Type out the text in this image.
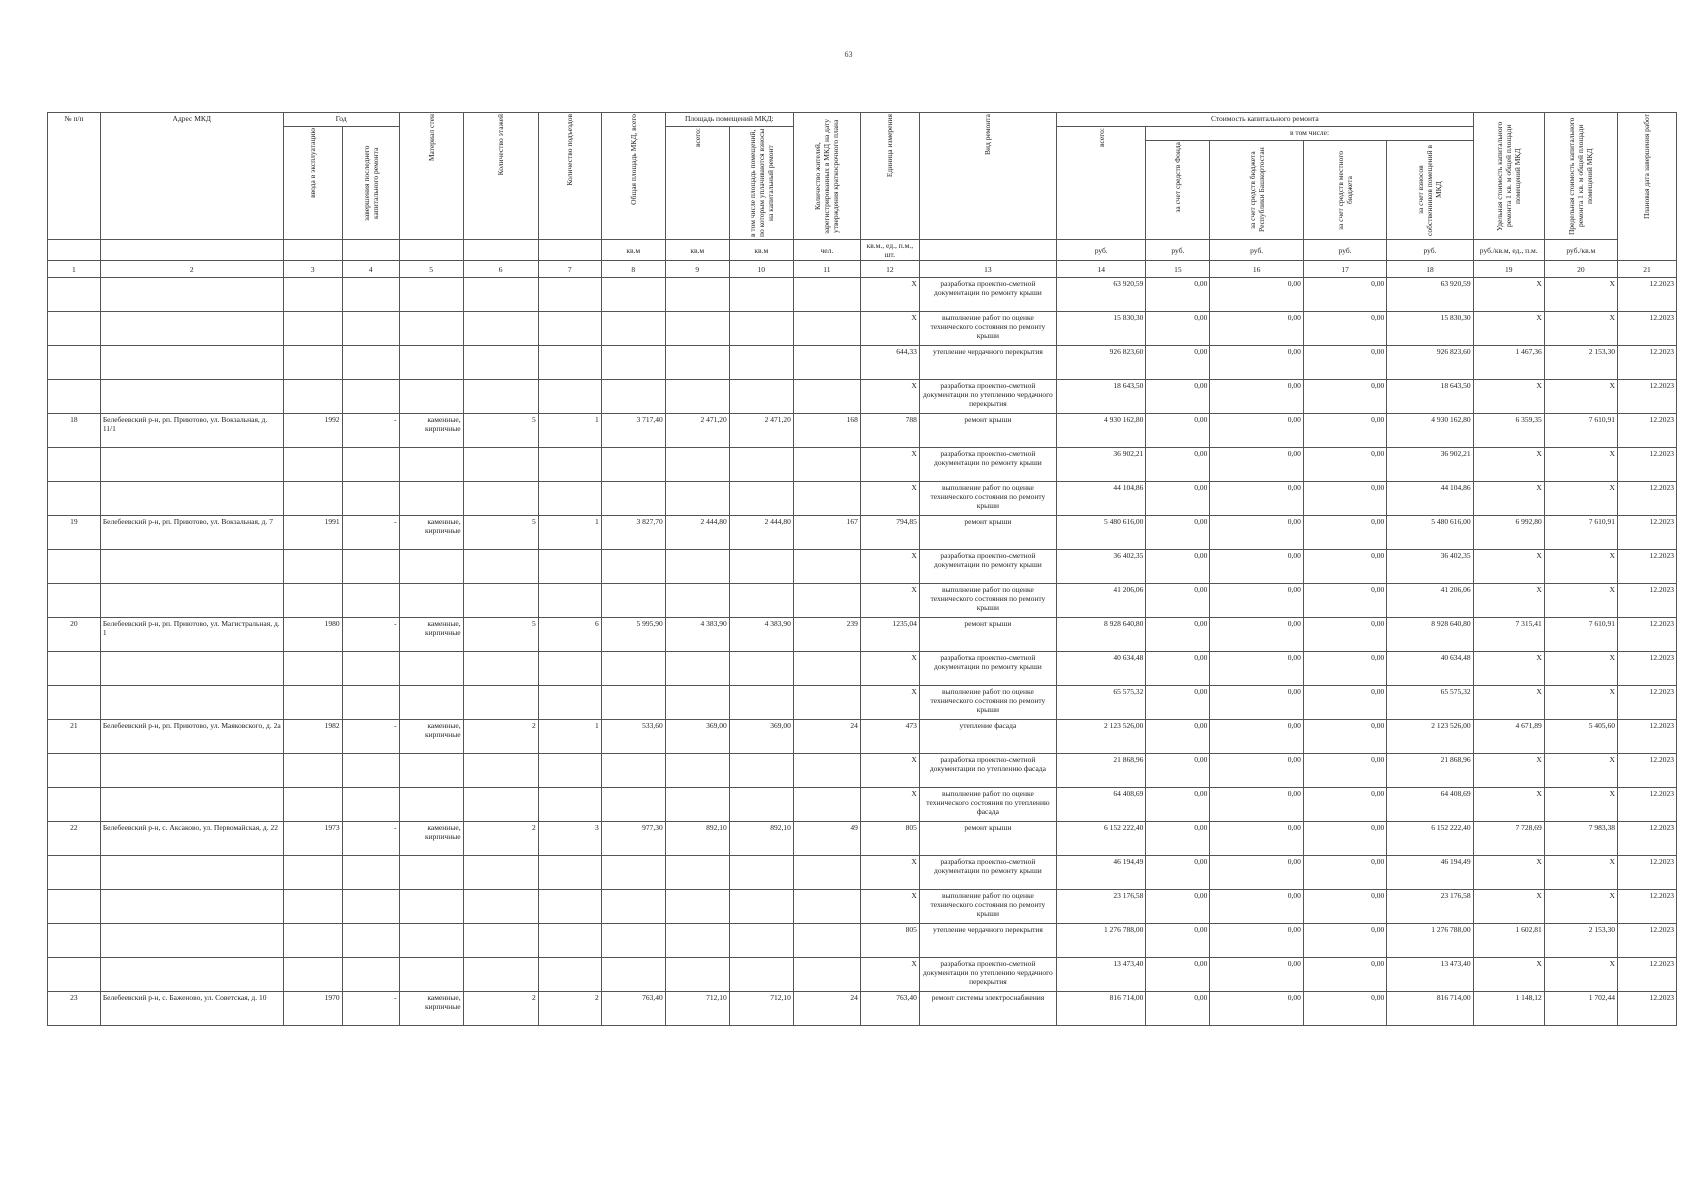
63
№ п/п	Адрес МКД	Год		Материал стен	Количество этажей	Количество подъездов	Общая площадь МКД, всего	Площадь помещений МКД:		Количество жителей, зарегистрированных в МКД на дату утверждения краткосрочного плана	Единица измерения	Вид ремонта	Стоимость капитального ремонта					Удельная стоимость капитального ремонта 1 кв. м общей площади помещений МКД	Предельная стоимость капитального ремонта 1 кв. м общей площади помещений МКД	Плановая дата завершения работ

		ввода в эксплуатацию	завершения последнего капитального ремонта					всего:	в том числе площадь помещений, по которым уплачиваются взносы на капитальный ремонт				всего:	в том числе:						

														за счет средств Фонда	за счет средств бюджета Республики Башкортостан	за счет средств местного бюджета	за счет взносов собственников помещений в МКД			

							кв.м	кв.м	кв.м	чел.	кв.м., ед., п.м., шт.		руб.	руб.	руб.	руб.	руб.	руб./кв.м, ед., п.м.	руб./кв.м	
1	2	3	4	5	6	7	8	9	10	11	12	13	14	15	16	17	18	19	20	21
											X	разработка проектно-сметной документации по ремонту крыши	63 920,59	0,00	0,00	0,00	63 920,59	X	X	12.2023
											X	выполнение работ по оценке технического состояния по ремонту крыши	15 830,30	0,00	0,00	0,00	15 830,30	X	X	12.2023
											644,33	утепление чердачного перекрытия	926 823,60	0,00	0,00	0,00	926 823,60	1 467,36	2 153,30	12.2023
											X	разработка проектно-сметной документации по утеплению чердачного перекрытия	18 643,50	0,00	0,00	0,00	18 643,50	X	X	12.2023
18	Белебеевский р-н, рп. Приютово, ул. Вокзальная, д. 11/1	1992	-	каменные, кирпичные	5	1	3 717,40	2 471,20	2 471,20	168	788	ремонт крыши	4 930 162,80	0,00	0,00	0,00	4 930 162,80	6 359,35	7 610,91	12.2023
											X	разработка проектно-сметной документации по ремонту крыши	36 902,21	0,00	0,00	0,00	36 902,21	X	X	12.2023
											X	выполнение работ по оценке технического состояния по ремонту крыши	44 104,86	0,00	0,00	0,00	44 104,86	X	X	12.2023
19	Белебеевский р-н, рп. Приютово, ул. Вокзальная, д. 7	1991	-	каменные, кирпичные	5	1	3 827,70	2 444,80	2 444,80	167	794,85	ремонт крыши	5 480 616,00	0,00	0,00	0,00	5 480 616,00	6 992,80	7 610,91	12.2023
											X	разработка проектно-сметной документации по ремонту крыши	36 402,35	0,00	0,00	0,00	36 402,35	X	X	12.2023
											X	выполнение работ по оценке технического состояния по ремонту крыши	41 206,06	0,00	0,00	0,00	41 206,06	X	X	12.2023
20	Белебеевский р-н, рп. Приютово, ул. Магистральная, д. 1	1980	-	каменные, кирпичные	5	6	5 995,90	4 383,90	4 383,90	239	1235,04	ремонт крыши	8 928 640,80	0,00	0,00	0,00	8 928 640,80	7 315,41	7 610,91	12.2023
											X	разработка проектно-сметной документации по ремонту крыши	40 634,48	0,00	0,00	0,00	40 634,48	X	X	12.2023
											X	выполнение работ по оценке технического состояния по ремонту крыши	65 575,32	0,00	0,00	0,00	65 575,32	X	X	12.2023
21	Белебеевский р-н, рп. Приютово, ул. Маяковского, д. 2а	1982	-	каменные, кирпичные	2	1	533,60	369,00	369,00	24	473	утепление фасада	2 123 526,00	0,00	0,00	0,00	2 123 526,00	4 671,89	5 405,60	12.2023
											X	разработка проектно-сметной документации по утеплению фасада	21 868,96	0,00	0,00	0,00	21 868,96	X	X	12.2023
											X	выполнение работ по оценке технического состояния по утеплению фасада	64 408,69	0,00	0,00	0,00	64 408,69	X	X	12.2023
22	Белебеевский р-н, с. Аксаково, ул. Первомайская, д. 22	1973	-	каменные, кирпичные	2	3	977,30	892,10	892,10	49	805	ремонт крыши	6 152 222,40	0,00	0,00	0,00	6 152 222,40	7 728,69	7 983,38	12.2023
											X	разработка проектно-сметной документации по ремонту крыши	46 194,49	0,00	0,00	0,00	46 194,49	X	X	12.2023
											X	выполнение работ по оценке технического состояния по ремонту крыши	23 176,58	0,00	0,00	0,00	23 176,58	X	X	12.2023
											805	утепление чердачного перекрытия	1 276 788,00	0,00	0,00	0,00	1 276 788,00	1 602,81	2 153,30	12.2023
											X	разработка проектно-сметной документации по утеплению чердачного перекрытия	13 473,40	0,00	0,00	0,00	13 473,40	X	X	12.2023
23	Белебеевский р-н, с. Баженово, ул. Советская, д. 10	1970	-	каменные, кирпичные	2	2	763,40	712,10	712,10	24	763,40	ремонт системы электроснабжения	816 714,00	0,00	0,00	0,00	816 714,00	1 148,12	1 702,44	12.2023
